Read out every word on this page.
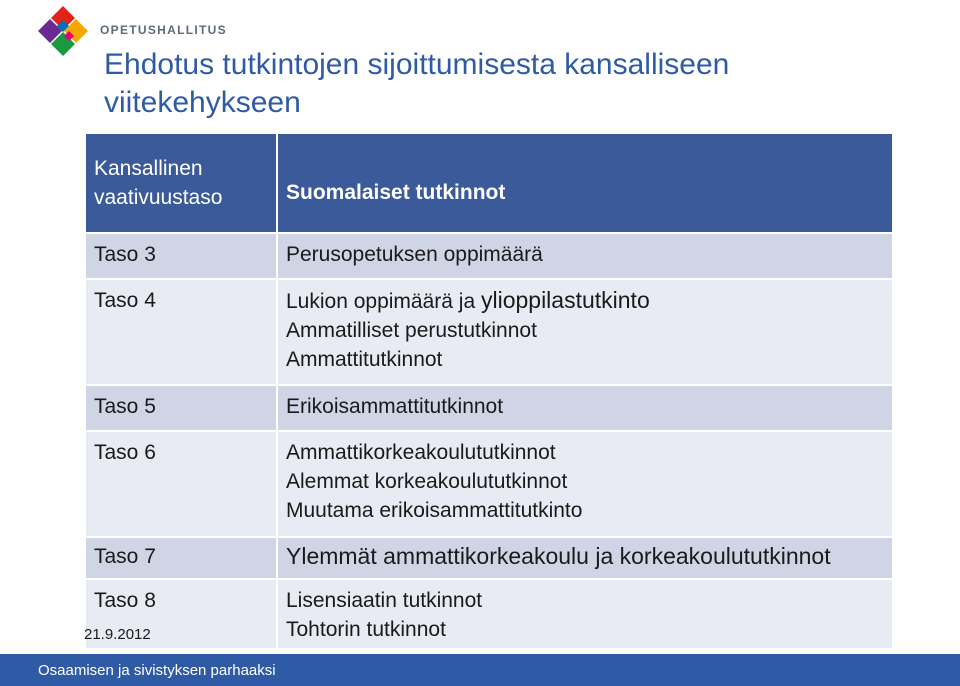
OPETUSHALLITUS
Ehdotus tutkintojen sijoittumisesta kansalliseen viitekehykseen
Kansallinen
vaativuustaso	Suomalaiset tutkinnot
Taso 3	Perusopetuksen oppimäärä

Taso 4	Lukion oppimäärä ja ylioppilastutkinto
Ammatilliset perustutkinnot
Ammattitutkinnot

Taso 5	Erikoisammattitutkinnot

Taso 6	Ammattikorkeakoulututkinnot
Alemmat korkeakoulututkinnot
Muutama erikoisammattitutkinto

Taso 7	Ylemmät ammattikorkeakoulu ja korkeakoulututkinnot

Taso 8	Lisensiaatin tutkinnot
Tohtorin tutkinnot
21.9.2012
Osaamisen ja sivistyksen parhaaksi
